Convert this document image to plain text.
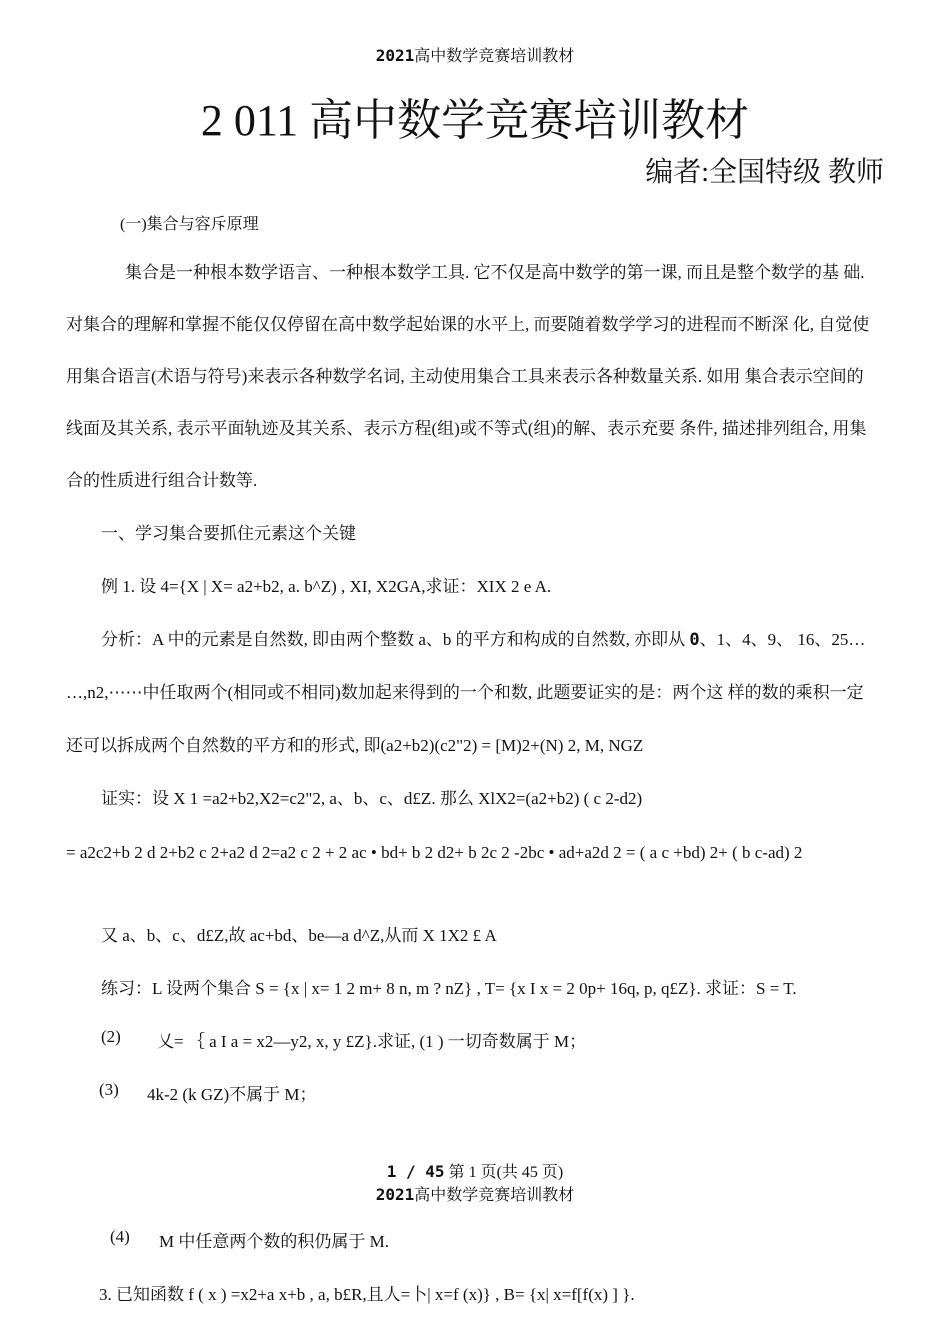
2021高中数学竞赛培训教材
2 011 高中数学竞赛培训教材
编者:全国特级 教师
(一)集合与容斥原理
集合是一种根本数学语言、一种根本数学工具. 它不仅是高中数学的第一课, 而且是整个数学的基 础.
对集合的理解和掌握不能仅仅停留在高中数学起始课的水平上, 而要随着数学学习的进程而不断深 化, 自觉使
用集合语言(术语与符号)来表示各种数学名词, 主动使用集合工具来表示各种数量关系. 如用 集合表示空间的
线面及其关系, 表示平面轨迹及其关系、表示方程(组)或不等式(组)的解、表示充要 条件, 描述排列组合, 用集
合的性质进行组合计数等.
一、学习集合要抓住元素这个关键
例 1. 设 4={X | X= a2+b2, a. b^Z) , XI, X2GA,求证：XIX 2 e A.
分析：A 中的元素是自然数, 即由两个整数 a、b 的平方和构成的自然数, 亦即从 0、1、4、9、 16、25…
…,n2,⋯⋯中任取两个(相同或不相同)数加起来得到的一个和数, 此题要证实的是：两个这 样的数的乘积一定
还可以拆成两个自然数的平方和的形式, 即(a2+b2)(c2"2) = [M)2+(N) 2, M, NGZ
证实：设 X 1 =a2+b2,X2=c2"2, a、b、c、d£Z. 那么 XlX2=(a2+b2) ( c 2-d2)
= a2c2+b 2 d 2+b2 c 2+a2 d 2=a2 c 2 + 2 ac • bd+ b 2 d2+ b 2c 2 -2bc • ad+a2d 2 = ( a c +bd) 2+ ( b c-ad) 2
又 a、b、c、d£Z,故 ac+bd、be—a d^Z,从而 X 1X2 £ A
练习：L 设两个集合 S = {x | x= 1 2 m+ 8 n, m ? nZ} , T= {x I x = 2 0p+ 16q, p, q£Z}. 求证：S = T.
(2) 乂= ｛ a I a = x2—y2, x, y £Z}.求证, (1 ) 一切奇数属于 M；
(3) 4k-2 (k GZ)不属于 M；
1 / 45 第 1 页(共 45 页)
2021高中数学竞赛培训教材
(4) M 中任意两个数的积仍属于 M.
3. 已知函数 f ( x ) =x2+a x+b , a, b£R,且人=卜| x=f (x)} , B= {x| x=f[f(x) ] }.
